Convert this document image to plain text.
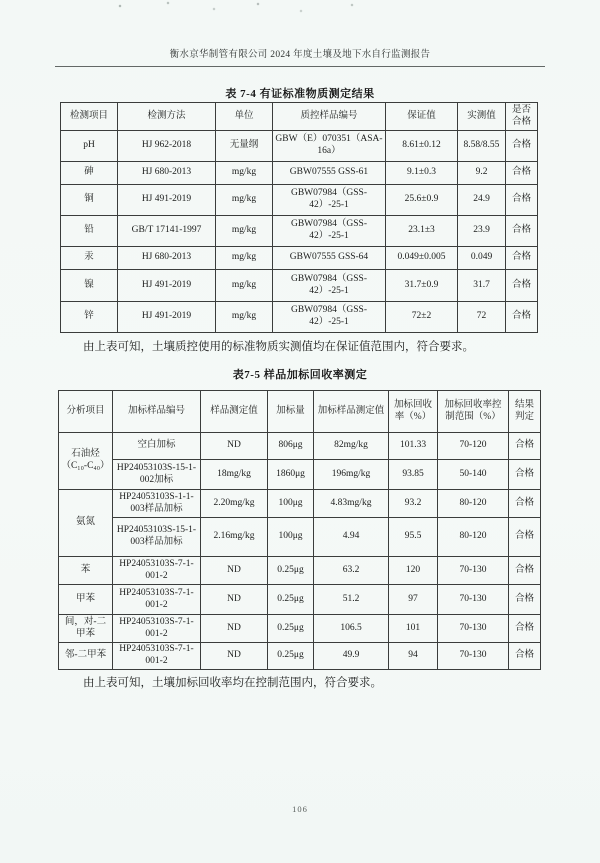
衡水京华制管有限公司 2024 年度土壤及地下水自行监测报告
表 7-4 有证标准物质测定结果
检测项目	检测方法	单位	质控样品编号	保证值	实测值	是否合格
pH	HJ 962-2018	无量纲	GBW（E）070351（ASA-16a）	8.61±0.12	8.58/8.55	合格
砷	HJ 680-2013	mg/kg	GBW07555 GSS-61	9.1±0.3	9.2	合格
铜	HJ 491-2019	mg/kg	GBW07984（GSS-42）-25-1	25.6±0.9	24.9	合格
铅	GB/T 17141-1997	mg/kg	GBW07984（GSS-42）-25-1	23.1±3	23.9	合格
汞	HJ 680-2013	mg/kg	GBW07555 GSS-64	0.049±0.005	0.049	合格
镍	HJ 491-2019	mg/kg	GBW07984（GSS-42）-25-1	31.7±0.9	31.7	合格
锌	HJ 491-2019	mg/kg	GBW07984（GSS-42）-25-1	72±2	72	合格
由上表可知，土壤质控使用的标准物质实测值均在保证值范围内，符合要求。
表7-5 样品加标回收率测定
分析项目	加标样品编号	样品测定值	加标量	加标样品测定值	加标回收率（%）	加标回收率控制范围（%）	结果判定
石油烃（C₁₀-C₄₀）	空白加标	ND	806μg	82mg/kg	101.33	70-120	合格
	HP24053103S-15-1-002加标	18mg/kg	1860μg	196mg/kg	93.85	50-140	合格
氨氮	HP24053103S-1-1-003样品加标	2.20mg/kg	100μg	4.83mg/kg	93.2	80-120	合格
	HP24053103S-15-1-003样品加标	2.16mg/kg	100μg	4.94	95.5	80-120	合格
苯	HP24053103S-7-1-001-2	ND	0.25μg	63.2	120	70-130	合格
甲苯	HP24053103S-7-1-001-2	ND	0.25μg	51.2	97	70-130	合格
间，对-二甲苯	HP24053103S-7-1-001-2	ND	0.25μg	106.5	101	70-130	合格
邻-二甲苯	HP24053103S-7-1-001-2	ND	0.25μg	49.9	94	70-130	合格
由上表可知，土壤加标回收率均在控制范围内，符合要求。
106
